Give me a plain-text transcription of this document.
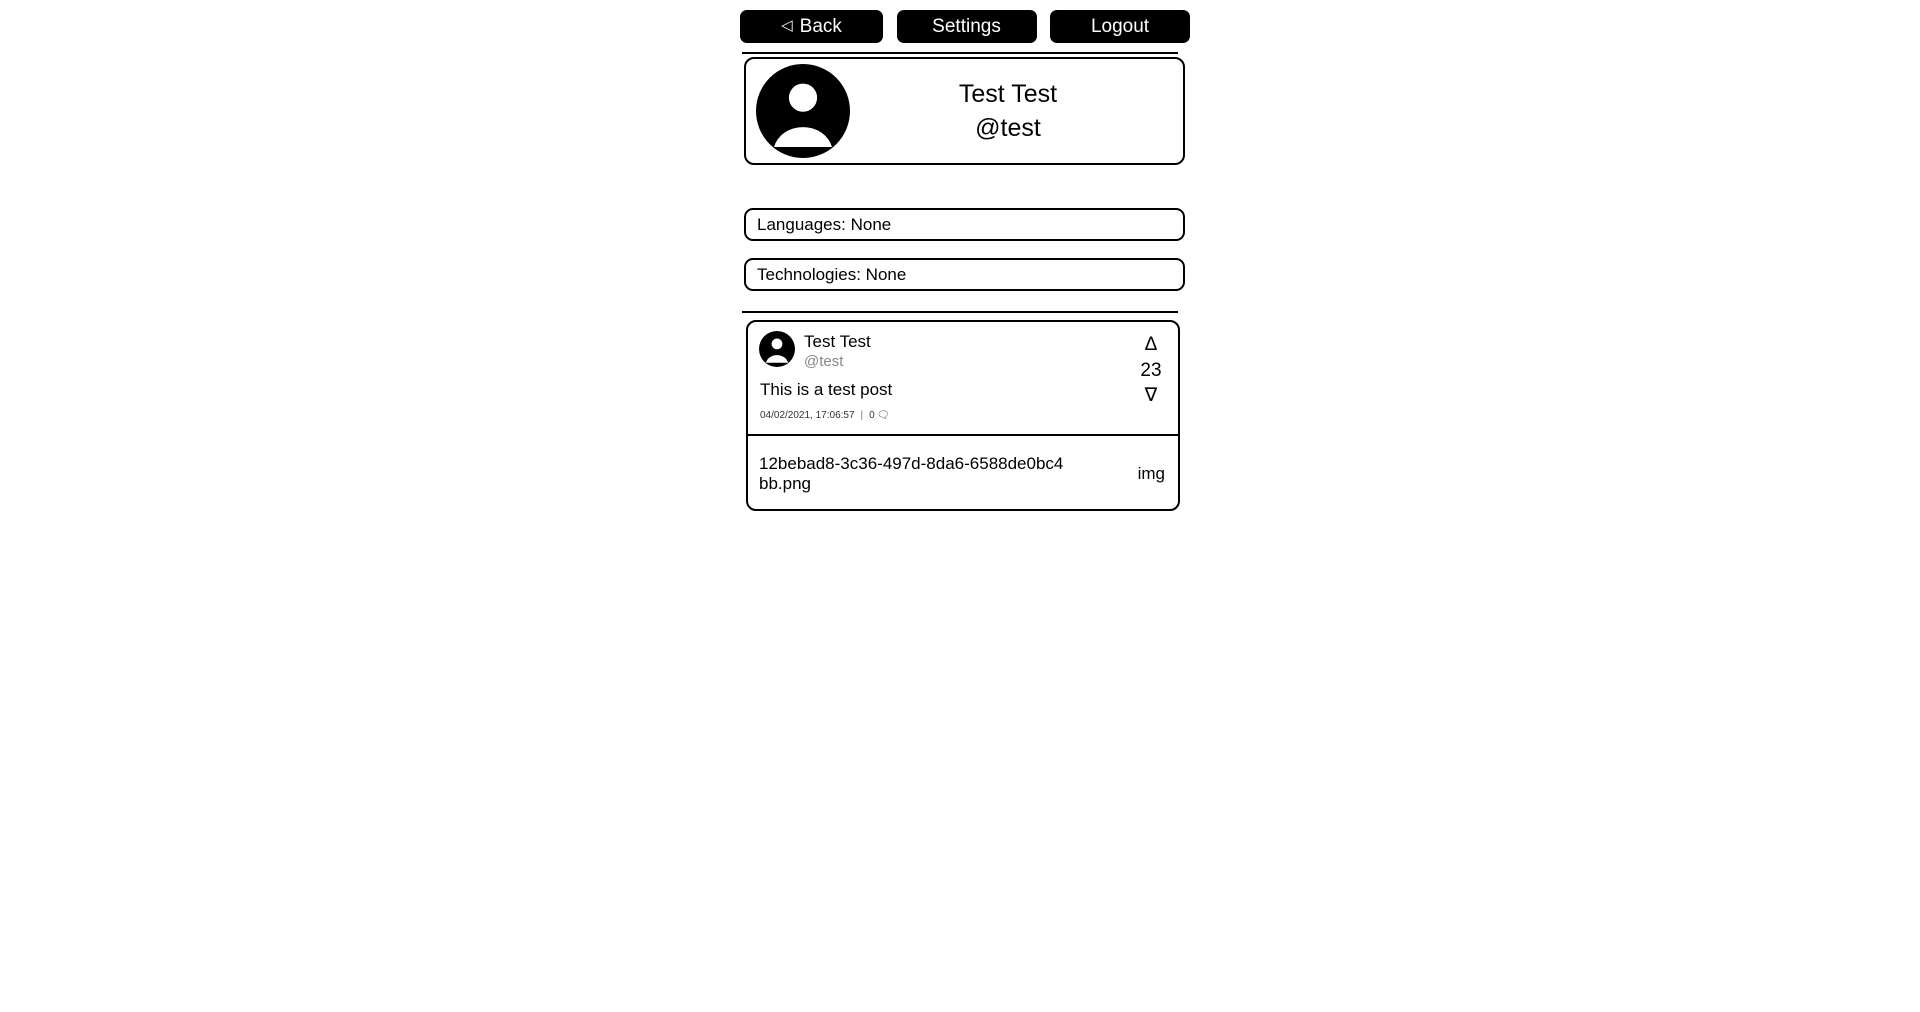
◁ Back	Settings	Logout
Test Test
@test
Languages: None
Technologies: None
Test Test
@test
This is a test post
04/02/2021, 17:06:57 | 0 🗨
Δ
23
∇
12bebad8-3c36-497d-8da6-6588de0bc4bb.png
img
